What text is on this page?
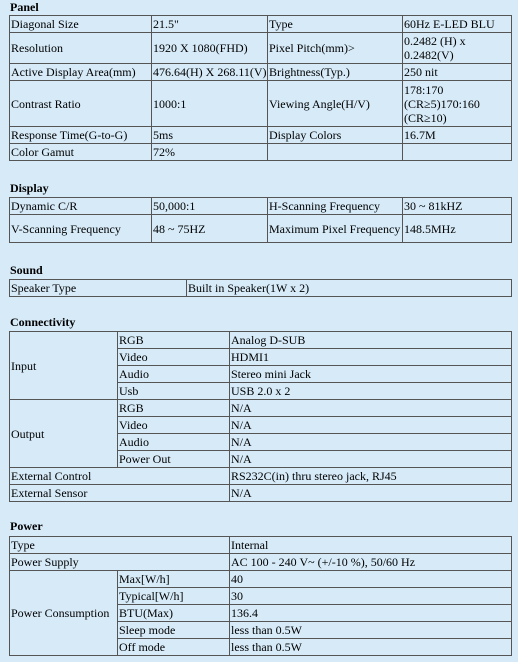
Panel
Diagonal Size	21.5"	Type	60Hz E-LED BLU
Resolution	1920 X 1080(FHD)	Pixel Pitch(mm)>	0.2482 (H) x
0.2482(V)

Active Display Area(mm)	476.64(H) X 268.11(V)	Brightness(Typ.)	250 nit
Contrast Ratio	1000:1	Viewing Angle(H/V)	178:170
(CR≥5)170:160
(CR≥10)

Response Time(G-to-G)	5ms	Display Colors	16.7M
Color Gamut	72%		
Display
Dynamic C/R	50,000:1	H-Scanning Frequency	30 ~ 81kHZ
V-Scanning Frequency	48 ~ 75HZ	Maximum Pixel Frequency	148.5MHz
Sound
Speaker Type	Built in Speaker(1W x 2)
Connectivity
Input	RGB	Analog D-SUB
	Video	HDMI1
	Audio	Stereo mini Jack
	Usb	USB 2.0 x 2
Output	RGB	N/A
	Video	N/A
	Audio	N/A
	Power Out	N/A
External Control		RS232C(in) thru stereo jack, RJ45
External Sensor		N/A
Power
Type		Internal
Power Supply		AC 100 - 240 V~ (+/-10 %), 50/60 Hz
Power Consumption	Max[W/h]	40
	Typical[W/h]	30
	BTU(Max)	136.4
	Sleep mode	less than 0.5W
	Off mode	less than 0.5W
